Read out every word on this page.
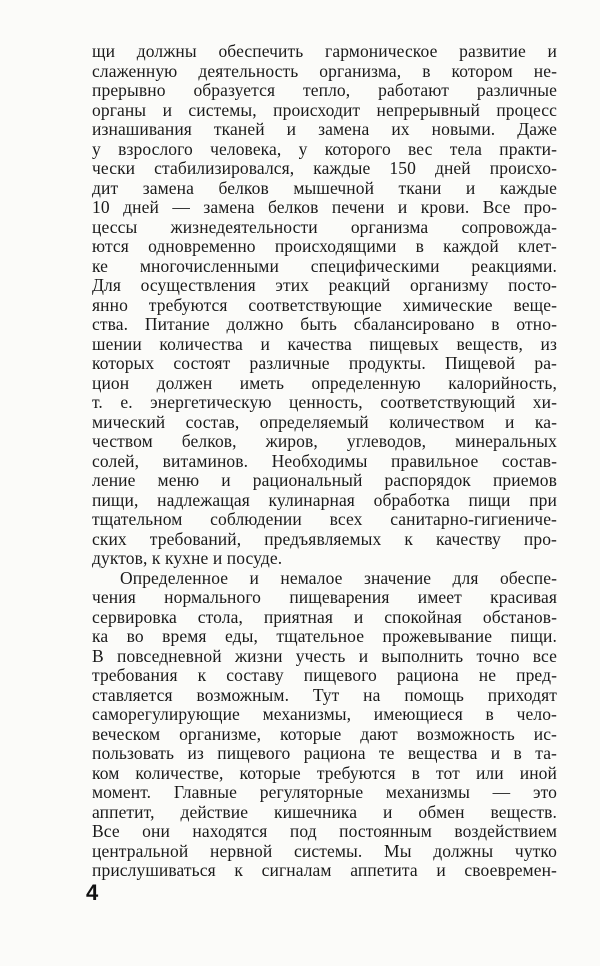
щи должны обеспечить гармоническое развитие и
слаженную деятельность организма, в котором не-
прерывно образуется тепло, работают различные
органы и системы, происходит непрерывный процесс
изнашивания тканей и замена их новыми. Даже
у взрослого человека, у которого вес тела практи-
чески стабилизировался, каждые 150 дней происхо-
дит замена белков мышечной ткани и каждые
10 дней — замена белков печени и крови. Все про-
цессы жизнедеятельности организма сопровожда-
ются одновременно происходящими в каждой клет-
ке многочисленными специфическими реакциями.
Для осуществления этих реакций организму посто-
янно требуются соответствующие химические веще-
ства. Питание должно быть сбалансировано в отно-
шении количества и качества пищевых веществ, из
которых состоят различные продукты. Пищевой ра-
цион должен иметь определенную калорийность,
т. е. энергетическую ценность, соответствующий хи-
мический состав, определяемый количеством и ка-
чеством белков, жиров, углеводов, минеральных
солей, витаминов. Необходимы правильное состав-
ление меню и рациональный распорядок приемов
пищи, надлежащая кулинарная обработка пищи при
тщательном соблюдении всех санитарно-гигиениче-
ских требований, предъявляемых к качеству про-
дуктов, к кухне и посуде.
Определенное и немалое значение для обеспе-
чения нормального пищеварения имеет красивая
сервировка стола, приятная и спокойная обстанов-
ка во время еды, тщательное прожевывание пищи.
В повседневной жизни учесть и выполнить точно все
требования к составу пищевого рациона не пред-
ставляется возможным. Тут на помощь приходят
саморегулирующие механизмы, имеющиеся в чело-
веческом организме, которые дают возможность ис-
пользовать из пищевого рациона те вещества и в та-
ком количестве, которые требуются в тот или иной
момент. Главные регуляторные механизмы — это
аппетит, действие кишечника и обмен веществ.
Все они находятся под постоянным воздействием
центральной нервной системы. Мы должны чутко
прислушиваться к сигналам аппетита и своевремен-
4
